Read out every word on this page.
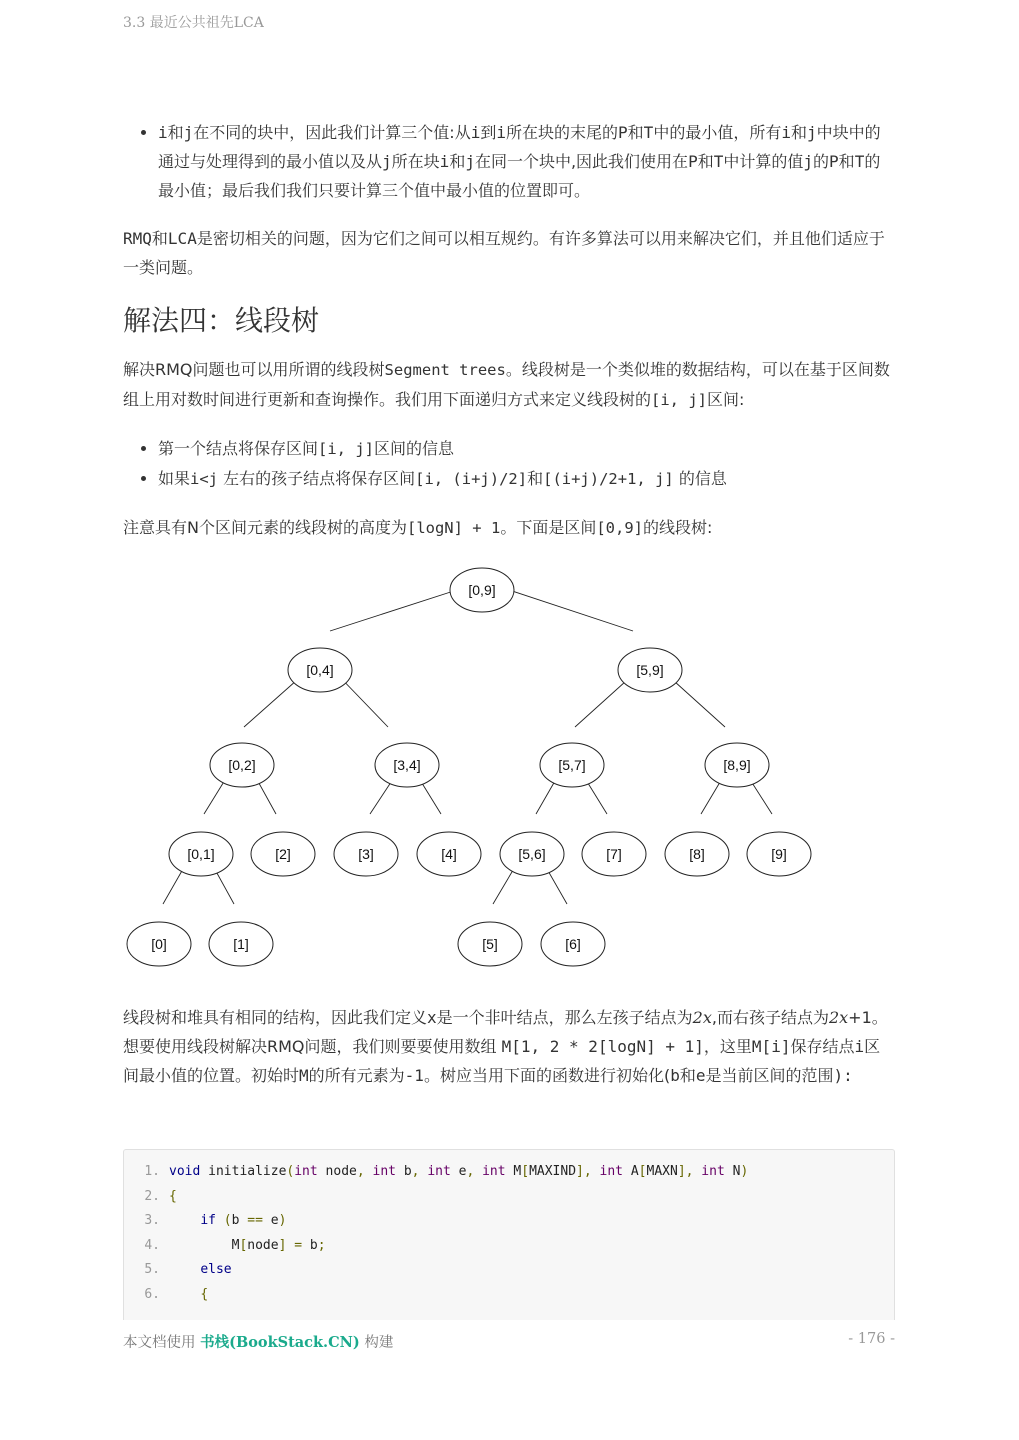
3.3 最近公共祖先LCA
• i和j在不同的块中，因此我们计算三个值:从i到i所在块的末尾的P和T中的最小值，所有i和j中块中的通过与处理得到的最小值以及从j所在块i和j在同一个块中,因此我们使用在P和T中计算的值j的P和T的最小值；最后我们我们只要计算三个值中最小值的位置即可。

RMQ和LCA是密切相关的问题，因为它们之间可以相互规约。有许多算法可以用来解决它们，并且他们适应于一类问题。

解法四：线段树

解决RMQ问题也可以用所谓的线段树Segment trees。线段树是一个类似堆的数据结构，可以在基于区间数组上用对数时间进行更新和查询操作。我们用下面递归方式来定义线段树的[i, j]区间:

• 第一个结点将保存区间[i, j]区间的信息
• 如果i<j 左右的孩子结点将保存区间[i, (i+j)/2]和[(i+j)/2+1, j] 的信息

注意具有N个区间元素的线段树的高度为[logN] + 1。下面是区间[0,9]的线段树:

[0,9]
[0,4]	[5,9]
[0,2]	[3,4]	[5,7]	[8,9]
[0,1]	[2]	[3]	[4]	[5,6]	[7]	[8]	[9]
[0]	[1]	[5]	[6]

线段树和堆具有相同的结构，因此我们定义x是一个非叶结点，那么左孩子结点为2x,而右孩子结点为2x+1。想要使用线段树解决RMQ问题，我们则要要使用数组 M[1, 2 * 2[logN] + 1]，这里M[i]保存结点i区间最小值的位置。初始时M的所有元素为-1。树应当用下面的函数进行初始化(b和e是当前区间的范围):

1. void initialize(int node, int b, int e, int M[MAXIND], int A[MAXN], int N)
2. {
3.	if (b == e)
4.        M[node] = b;
5.	else
6.	{
本文档使用 书栈(BookStack.CN) 构建	- 176 -
